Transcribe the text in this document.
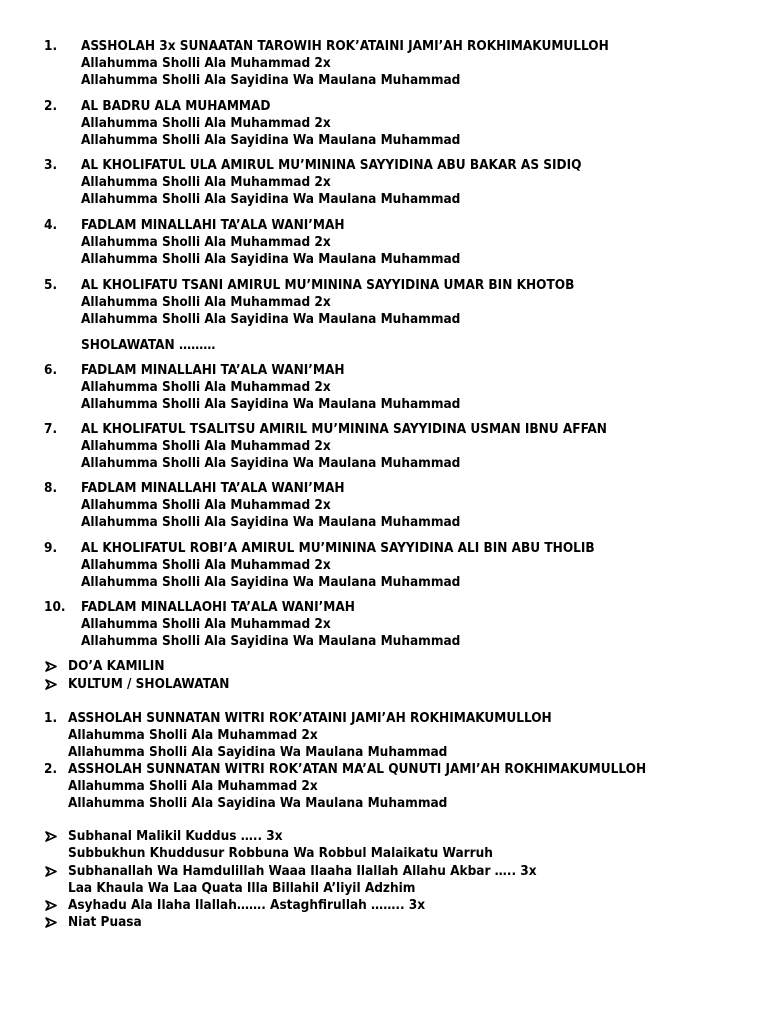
1.	ASSHOLAH 3x SUNAATAN TAROWIH ROK’ATAINI JAMI’AH ROKHIMAKUMULLOH
Allahumma Sholli Ala Muhammad 2x
Allahumma Sholli Ala Sayidina Wa Maulana Muhammad
2.	AL BADRU ALA MUHAMMAD
Allahumma Sholli Ala Muhammad 2x
Allahumma Sholli Ala Sayidina Wa Maulana Muhammad
3.	AL KHOLIFATUL ULA AMIRUL MU’MININA SAYYIDINA ABU BAKAR AS SIDIQ
Allahumma Sholli Ala Muhammad 2x
Allahumma Sholli Ala Sayidina Wa Maulana Muhammad
4.	FADLAM MINALLAHI TA’ALA WANI’MAH
Allahumma Sholli Ala Muhammad 2x
Allahumma Sholli Ala Sayidina Wa Maulana Muhammad
5.	AL KHOLIFATU TSANI AMIRUL MU’MININA SAYYIDINA UMAR BIN KHOTOB
Allahumma Sholli Ala Muhammad 2x
Allahumma Sholli Ala Sayidina Wa Maulana Muhammad
SHOLAWATAN ………
6.	FADLAM MINALLAHI TA’ALA WANI’MAH
Allahumma Sholli Ala Muhammad 2x
Allahumma Sholli Ala Sayidina Wa Maulana Muhammad
7.	AL KHOLIFATUL TSALITSU AMIRIL MU’MININA SAYYIDINA USMAN IBNU AFFAN
Allahumma Sholli Ala Muhammad 2x
Allahumma Sholli Ala Sayidina Wa Maulana Muhammad
8.	FADLAM MINALLAHI TA’ALA WANI’MAH
Allahumma Sholli Ala Muhammad 2x
Allahumma Sholli Ala Sayidina Wa Maulana Muhammad
9.	AL KHOLIFATUL ROBI’A AMIRUL MU’MININA SAYYIDINA ALI BIN ABU THOLIB
Allahumma Sholli Ala Muhammad 2x
Allahumma Sholli Ala Sayidina Wa Maulana Muhammad
10.	FADLAM MINALLAOHI TA’ALA WANI’MAH
Allahumma Sholli Ala Muhammad 2x
Allahumma Sholli Ala Sayidina Wa Maulana Muhammad
DO’A KAMILIN
KULTUM / SHOLAWATAN
1. ASSHOLAH SUNNATAN WITRI ROK’ATAINI JAMI’AH ROKHIMAKUMULLOH
Allahumma Sholli Ala Muhammad 2x
Allahumma Sholli Ala Sayidina Wa Maulana Muhammad
2. ASSHOLAH SUNNATAN WITRI ROK’ATAN MA’AL QUNUTI JAMI’AH ROKHIMAKUMULLOH
Allahumma Sholli Ala Muhammad 2x
Allahumma Sholli Ala Sayidina Wa Maulana Muhammad
Subhanal Malikil Kuddus ….. 3x
Subbukhun Khuddusur Robbuna Wa Robbul Malaikatu Warruh
Subhanallah Wa Hamdulillah Waaa Ilaaha Ilallah Allahu Akbar ….. 3x
Laa Khaula Wa Laa Quata Illa Billahil A’liyil Adzhim
Asyhadu Ala Ilaha Ilallah……. Astaghfirullah …….. 3x
Niat Puasa
